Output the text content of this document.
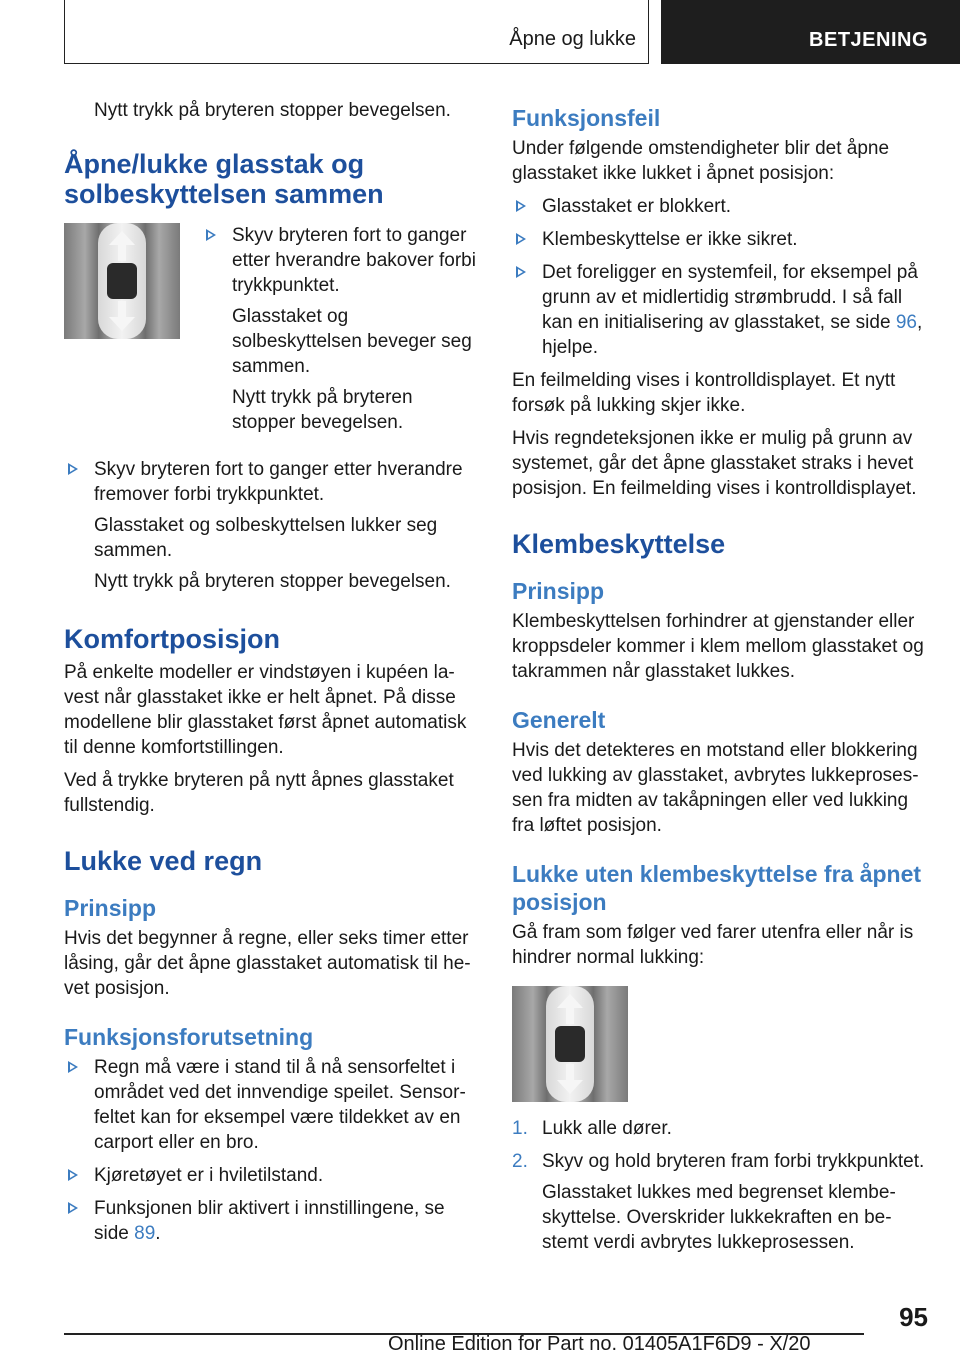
Åpne og lukke	BETJENING

Nytt trykk på bryteren stopper bevegelsen.

Åpne/lukke glasstak og solbeskyttelsen sammen
Skyv bryteren fort to ganger etter hverandre bakover forbi trykkpunktet.
Glasstaket og solbeskyttelsen beveger seg sammen.
Nytt trykk på bryteren stopper bevegelsen.
Skyv bryteren fort to ganger etter hverandre fremover forbi trykkpunktet.
Glasstaket og solbeskyttelsen lukker seg sammen.
Nytt trykk på bryteren stopper bevegelsen.
Komfortposisjon

På enkelte modeller er vindstøyen i kupéen la-vest når glasstaket ikke er helt åpnet. På disse modellene blir glasstaket først åpnet automatisk til denne komfortstillingen.

Ved å trykke bryteren på nytt åpnes glasstaket fullstendig.

Lukke ved regn
Prinsipp

Hvis det begynner å regne, eller seks timer etter låsing, går det åpne glasstaket automatisk til he-vet posisjon.

Funksjonsforutsetning
Regn må være i stand til å nå sensorfeltet i området ved det innvendige speilet. Sensor-feltet kan for eksempel være tildekket av en carport eller en bro.
Kjøretøyet er i hviletilstand.
Funksjonen blir aktivert i innstillingene, se side 89.
Funksjonsfeil

Under følgende omstendigheter blir det åpne glasstaket ikke lukket i åpnet posisjon:

Glasstaket er blokkert.
Klembeskyttelse er ikke sikret.
Det foreligger en systemfeil, for eksempel på grunn av et midlertidig strømbrudd. I så fall kan en initialisering av glasstaket, se side 96, hjelpe.

En feilmelding vises i kontrolldisplayet. Et nytt forsøk på lukking skjer ikke.

Hvis regndeteksjonen ikke er mulig på grunn av systemet, går det åpne glasstaket straks i hevet posisjon. En feilmelding vises i kontrolldisplayet.

Klembeskyttelse
Prinsipp

Klembeskyttelsen forhindrer at gjenstander eller kroppsdeler kommer i klem mellom glasstaket og takrammen når glasstaket lukkes.

Generelt

Hvis det detekteres en motstand eller blokkering ved lukking av glasstaket, avbrytes lukkeproses-sen fra midten av takåpningen eller ved lukking fra løftet posisjon.

Lukke uten klembeskyttelse fra åpnet posisjon

Gå fram som følger ved farer utenfra eller når is hindrer normal lukking:

1. Lukk alle dører.
2. Skyv og hold bryteren fram forbi trykkpunktet.
Glasstaket lukkes med begrenset klembe-skyttelse. Overskrider lukkekraften en be-stemt verdi avbrytes lukkeprosessen.
95
Online Edition for Part no. 01405A1F6D9 - X/20
